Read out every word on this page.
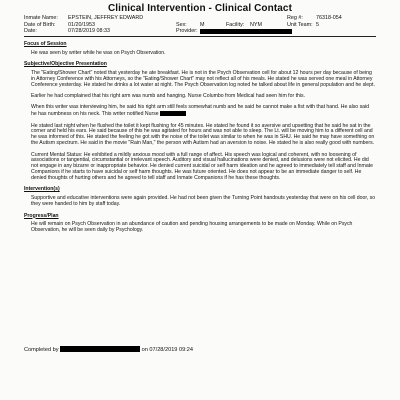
Clinical Intervention - Clinical Contact
Inmate Name: EPSTEIN, JEFFREY EDWARD	Reg #: 76318-054
Date of Birth: 01/20/1953	Sex: M	Facility: NYM	Unit Team: 5
Date:	07/28/2019 08:33	Provider:
Focus of Session

He was seen by writer while he was on Psych Observation.

Subjective/Objective Presentation

The "Eating/Shower Chart" noted that yesterday he ate breakfast. He is not in the Psych Observation cell for about 12 hours per day because of being in Attorney Conference with his Attorneys, so the "Eating/Shower Chart" may not reflect all of his meals. He stated he was served one meal in Attorney Conference yesterday. He stated he drinks a lot water at night. The Psych Observation log noted he talked about life in general population and he slept.

Earlier he had complained that his right arm was numb and hanging. Nurse Columbo from Medical had seen him for this.

When this writer was interviewing him, he said his right arm still feels somewhat numb and he said he cannot make a fist with that hand. He also said he has numbness on his neck. This writer notified Nurse

He stated last night when he flushed the toilet it kept flushing for 45 minutes. He stated he found it so aversive and upsetting that he said he sat in the corner and held his ears. He said because of this he was agitated for hours and was not able to sleep. The Lt. will be moving him to a different cell and he was informed of this. He stated the feeling he got with the noise of the toilet was similar to when he was in SHU. He said he may have something on the Autism spectrum. He said in the movie "Rain Man," the person with Autism had an aversion to noise. He stated he is also really good with numbers.

Current Mental Status: He exhibited a mildly anxious mood with a full range of affect. His speech was logical and coherent, with no loosening of associations or tangential, circumstantial or irrelevant speech. Auditory and visual hallucinations were denied, and delusions were not elicited. He did not engage in any bizarre or inappropriate behavior. He denied current suicidal or self harm ideation and he agreed to immediately tell staff and Inmate Companions if he starts to have suicidal or self harm thoughts. He was future oriented. He does not appear to be an immediate danger to self. He denied thoughts of hurting others and he agreed to tell staff and Inmate Companions if he has these thoughts.

Intervention(s)

Supportive and educative interventions were again provided. He had not been given the Turning Point handouts yesterday that were on his cell door, so they were handed to him by staff today.

Progress/Plan

He will remain on Psych Observation in an abundance of caution and pending housing arrangements to be made on Monday. While on Psych Observation, he will be seen daily by Psychology.

Completed by	on 07/28/2019 09:24
